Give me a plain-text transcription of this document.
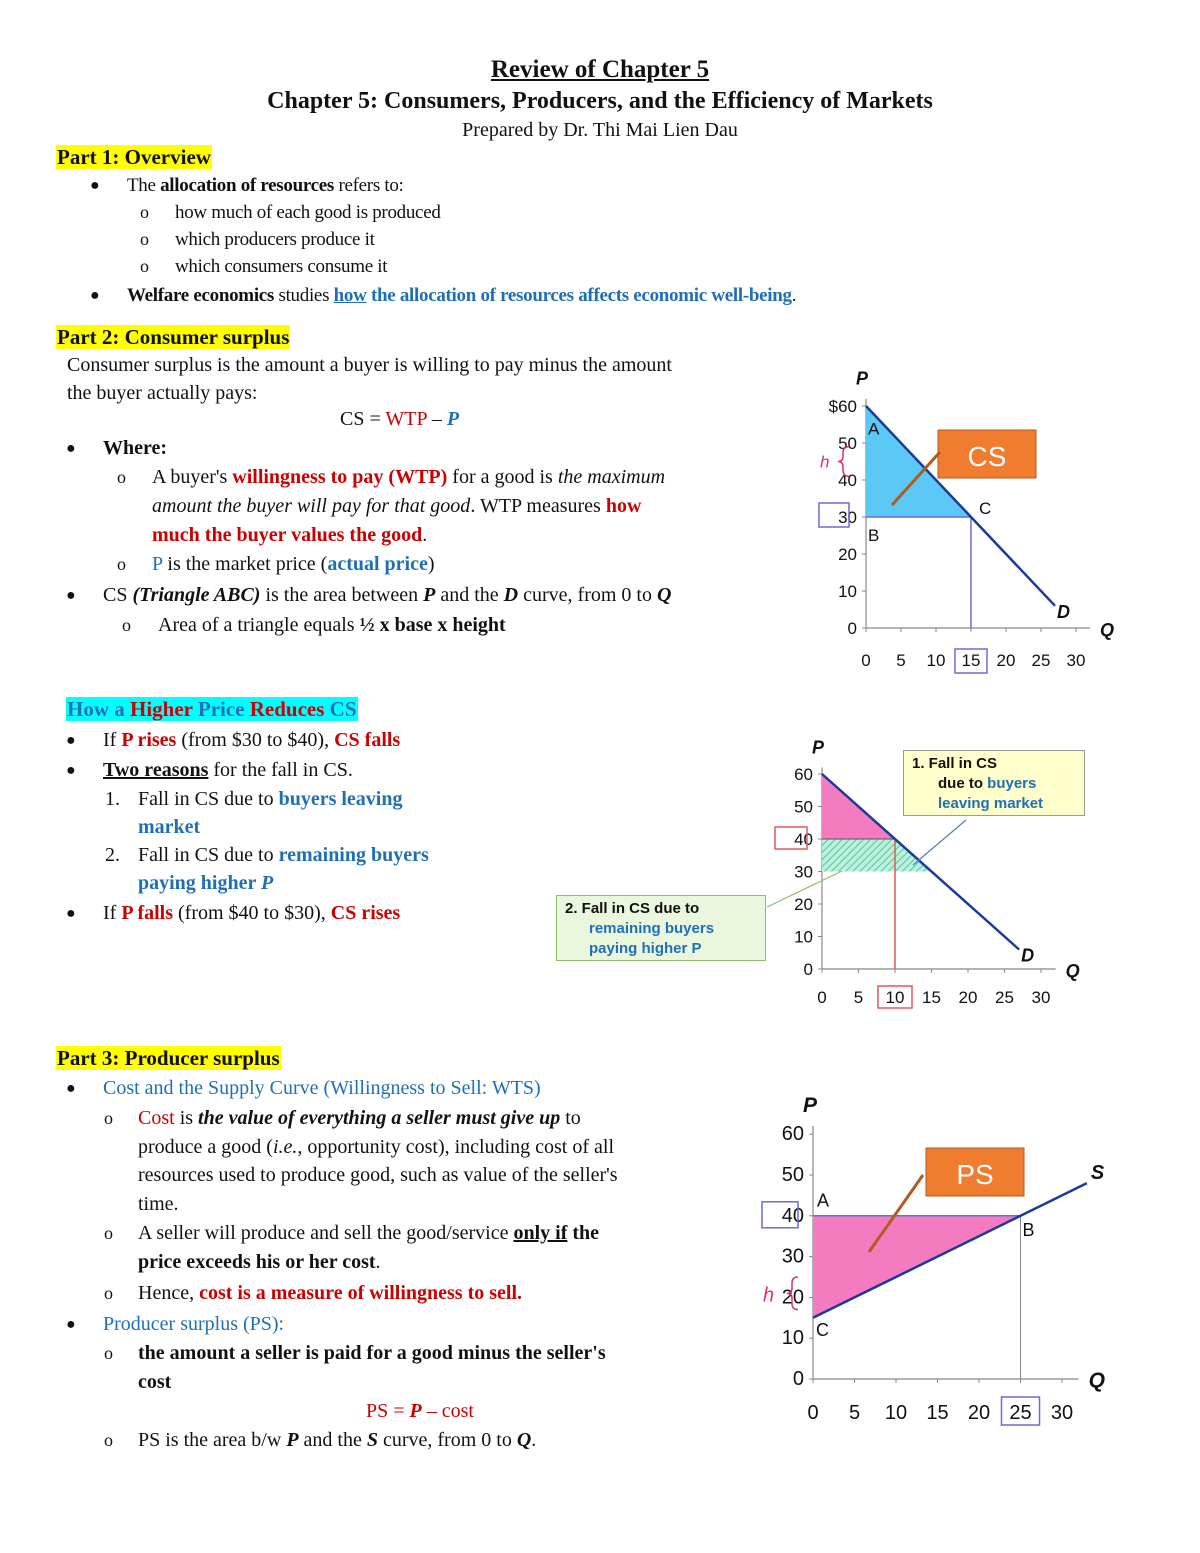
Review of Chapter 5
Chapter 5: Consumers, Producers, and the Efficiency of Markets
Prepared by Dr. Thi Mai Lien Dau
Part 1: Overview
● The allocation of resources refers to:
o how much of each good is produced
o which producers produce it
o which consumers consume it
● Welfare economics studies how the allocation of resources affects economic well-being.
Part 2: Consumer surplus
Consumer surplus is the amount a buyer is willing to pay minus the amount
the buyer actually pays:
CS = WTP – P
● Where:
o A buyer's willingness to pay (WTP) for a good is the maximum
amount the buyer will pay for that good. WTP measures how
much the buyer values the good.
o P is the market price (actual price)
● CS (Triangle ABC) is the area between P and the D curve, from 0 to Q
o Area of a triangle equals ½ x base x height	0
10
20
30
40
50
$60
0 5 10 15 20 25 30
P
Q
D
h
A
B
C
CS
How a Higher Price Reduces CS
● If P rises (from $30 to $40), CS falls
● Two reasons for the fall in CS.
1. Fall in CS due to buyers leaving
market
2. Fall in CS due to remaining buyers
paying higher P
● If P falls (from $40 to $30), CS rises
0
10
20
30
40
50
60
0 5 10 15 20 25 30
P
Q
D
1. Fall in CS
due to buyers
leaving market
2. Fall in CS due to
remaining buyers
paying higher P
Part 3: Producer surplus
● Cost and the Supply Curve (Willingness to Sell: WTS)
o Cost is the value of everything a seller must give up to
produce a good (i.e., opportunity cost), including cost of all
resources used to produce good, such as value of the seller's
time.
o A seller will produce and sell the good/service only if the
price exceeds his or her cost.
o Hence, cost is a measure of willingness to sell.
● Producer surplus (PS):
o the amount a seller is paid for a good minus the seller's
cost
PS = P – cost
o PS is the area b/w P and the S curve, from 0 to Q.
0
10
20
30
40
50
60
0 5 10 15 20 25 30
P
Q
S
h
A
B
C
PS
